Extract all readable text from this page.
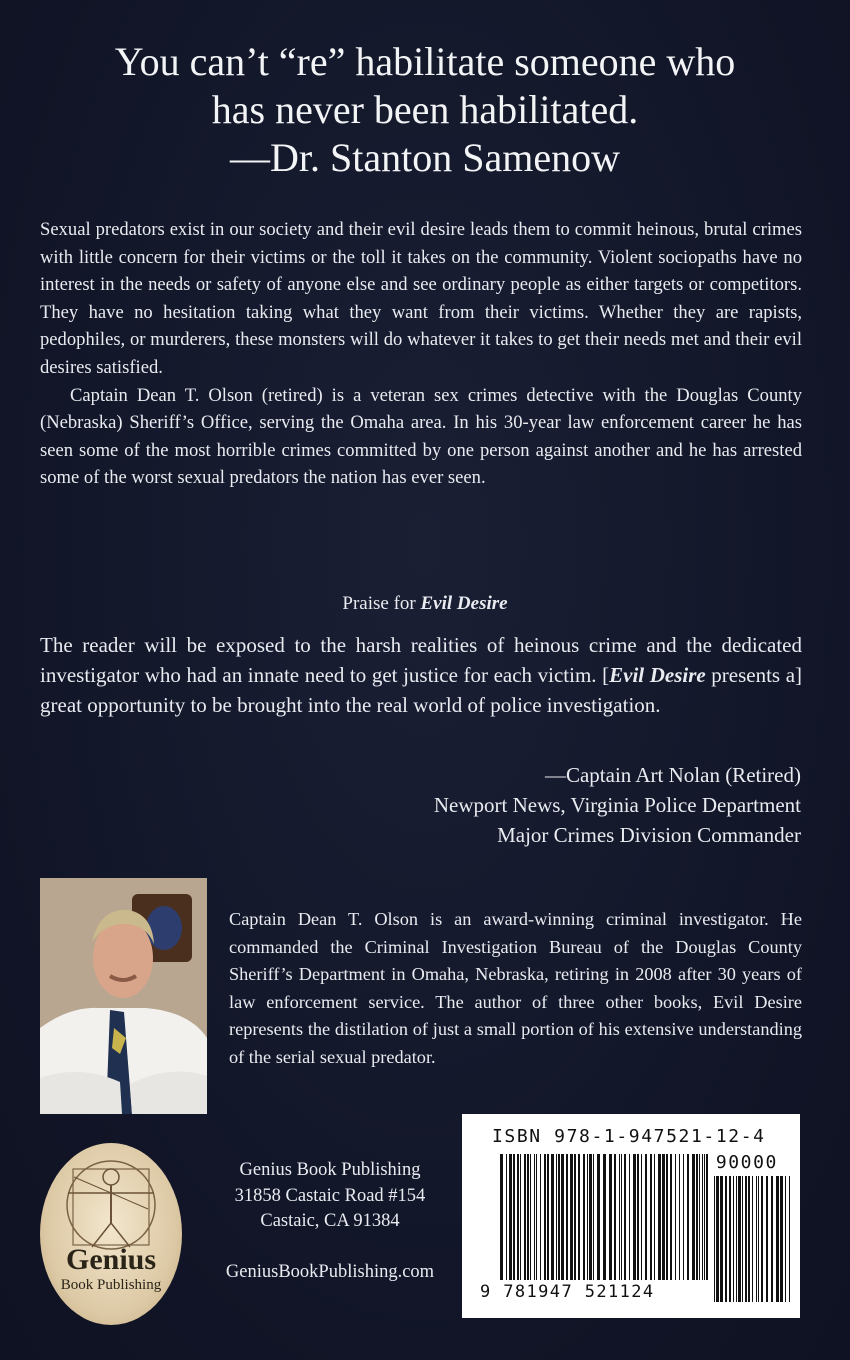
You can’t “re” habilitate someone who
has never been habilitated.
—Dr. Stanton Samenow

Sexual predators exist in our society and their evil desire leads them to commit heinous, brutal crimes with little concern for their victims or the toll it takes on the community. Violent sociopaths have no interest in the needs or safety of anyone else and see ordinary people as either targets or competitors. They have no hesitation taking what they want from their victims. Whether they are rapists, pedophiles, or murderers, these monsters will do whatever it takes to get their needs met and their evil desires satisfied.

Captain Dean T. Olson (retired) is a veteran sex crimes detective with the Douglas County (Nebraska) Sheriff’s Office, serving the Omaha area. In his 30-year law enforcement career he has seen some of the most horrible crimes committed by one person against another and he has arrested some of the worst sexual predators the nation has ever seen.

Praise for Evil Desire
The reader will be exposed to the harsh realities of heinous crime and the dedicated investigator who had an innate need to get justice for each victim. [Evil Desire presents a] great opportunity to be brought into the real world of police investigation.
—Captain Art Nolan (Retired)
Newport News, Virginia Police Department
Major Crimes Division Commander
Captain Dean T. Olson is an award-winning criminal investigator. He commanded the Criminal Investigation Bureau of the Douglas County Sheriff’s Department in Omaha, Nebraska, retiring in 2008 after 30 years of law enforcement service. The author of three other books, Evil Desire represents the distilation of just a small portion of his extensive understanding of the serial sexual predator.
Genius
Book Publishing
Genius Book Publishing
31858 Castaic Road #154
Castaic, CA 91384
GeniusBookPublishing.com
ISBN 978-1-947521-12-4
90000
9 781947 521124
